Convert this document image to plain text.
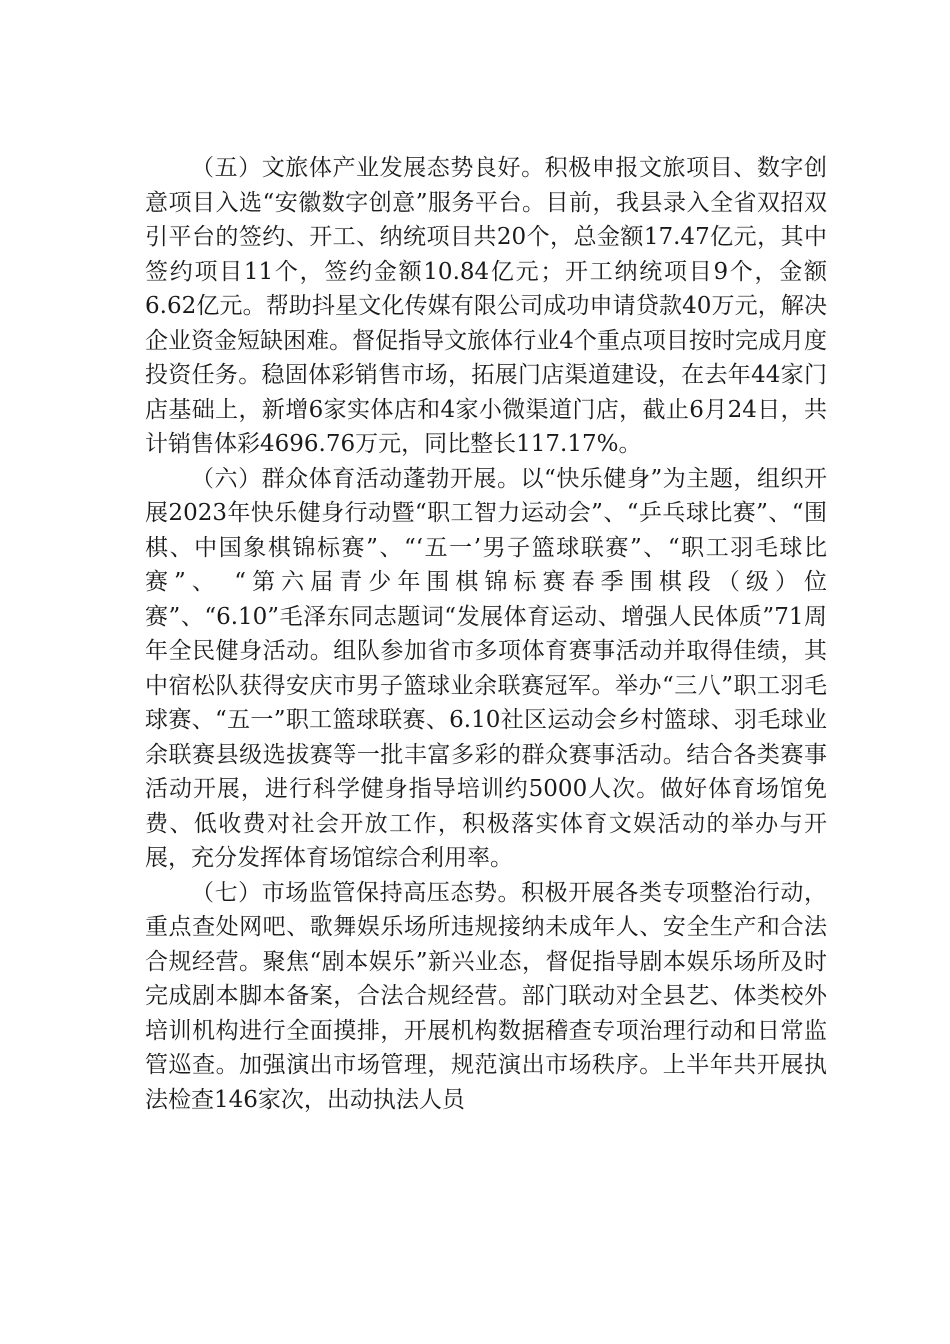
（五）文旅体产业发展态势良好。积极申报文旅项目、数字创意项目入选“安徽数字创意”服务平台。目前，我县录入全省双招双引平台的签约、开工、纳统项目共20个，总金额17.47亿元，其中签约项目11个，签约金额10.84亿元；开工纳统项目9个，金额6.62亿元。帮助抖星文化传媒有限公司成功申请贷款40万元，解决企业资金短缺困难。督促指导文旅体行业4个重点项目按时完成月度投资任务。稳固体彩销售市场，拓展门店渠道建设，在去年44家门店基础上，新增6家实体店和4家小微渠道门店，截止6月24日，共计销售体彩4696.76万元，同比整长117.17%。

（六）群众体育活动蓬勃开展。以“快乐健身”为主题，组织开展2023年快乐健身行动暨“职工智力运动会”、“乒乓球比赛”、“围棋、中国象棋锦标赛”、“‘五一’男子篮球联赛”、“职工羽毛球比赛”、 “第六届青少年围棋锦标赛春季围棋段（级）位赛”、“6.10”毛泽东同志题词“发展体育运动、增强人民体质”71周年全民健身活动。组队参加省市多项体育赛事活动并取得佳绩，其中宿松队获得安庆市男子篮球业余联赛冠军。举办“三八”职工羽毛球赛、“五一”职工篮球联赛、6.10社区运动会乡村篮球、羽毛球业余联赛县级选拔赛等一批丰富多彩的群众赛事活动。结合各类赛事活动开展，进行科学健身指导培训约5000人次。做好体育场馆免费、低收费对社会开放工作，积极落实体育文娱活动的举办与开展，充分发挥体育场馆综合利用率。

（七）市场监管保持高压态势。积极开展各类专项整治行动，重点查处网吧、歌舞娱乐场所违规接纳未成年人、安全生产和合法合规经营。聚焦“剧本娱乐”新兴业态，督促指导剧本娱乐场所及时完成剧本脚本备案，合法合规经营。部门联动对全县艺、体类校外培训机构进行全面摸排，开展机构数据稽查专项治理行动和日常监管巡查。加强演出市场管理，规范演出市场秩序。上半年共开展执法检查146家次，出动执法人员
